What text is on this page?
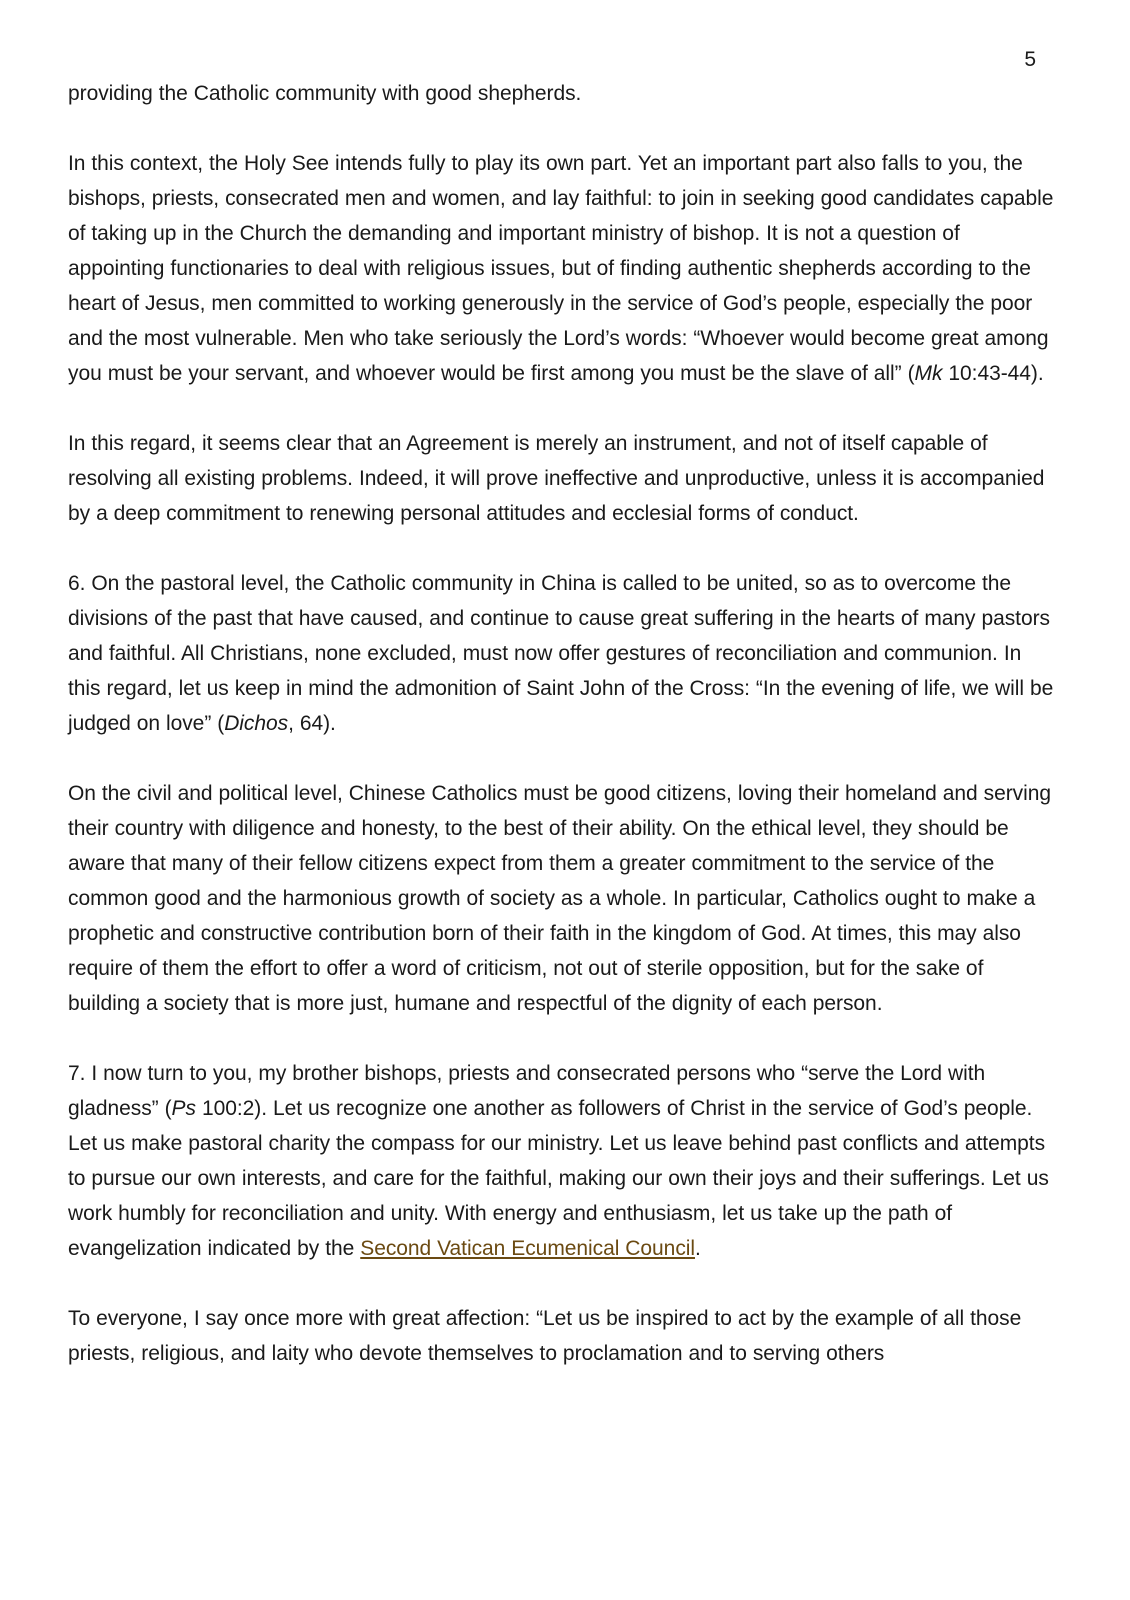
5

providing the Catholic community with good shepherds.

In this context, the Holy See intends fully to play its own part. Yet an important part also falls to you, the bishops, priests, consecrated men and women, and lay faithful: to join in seeking good candidates capable of taking up in the Church the demanding and important ministry of bishop. It is not a question of appointing functionaries to deal with religious issues, but of finding authentic shepherds according to the heart of Jesus, men committed to working generously in the service of God’s people, especially the poor and the most vulnerable. Men who take seriously the Lord’s words: “Whoever would become great among you must be your servant, and whoever would be first among you must be the slave of all” (Mk 10:43-44).

In this regard, it seems clear that an Agreement is merely an instrument, and not of itself capable of resolving all existing problems. Indeed, it will prove ineffective and unproductive, unless it is accompanied by a deep commitment to renewing personal attitudes and ecclesial forms of conduct.

6. On the pastoral level, the Catholic community in China is called to be united, so as to overcome the divisions of the past that have caused, and continue to cause great suffering in the hearts of many pastors and faithful. All Christians, none excluded, must now offer gestures of reconciliation and communion. In this regard, let us keep in mind the admonition of Saint John of the Cross: “In the evening of life, we will be judged on love” (Dichos, 64).

On the civil and political level, Chinese Catholics must be good citizens, loving their homeland and serving their country with diligence and honesty, to the best of their ability. On the ethical level, they should be aware that many of their fellow citizens expect from them a greater commitment to the service of the common good and the harmonious growth of society as a whole. In particular, Catholics ought to make a prophetic and constructive contribution born of their faith in the kingdom of God. At times, this may also require of them the effort to offer a word of criticism, not out of sterile opposition, but for the sake of building a society that is more just, humane and respectful of the dignity of each person.

7. I now turn to you, my brother bishops, priests and consecrated persons who “serve the Lord with gladness” (Ps 100:2). Let us recognize one another as followers of Christ in the service of God’s people. Let us make pastoral charity the compass for our ministry. Let us leave behind past conflicts and attempts to pursue our own interests, and care for the faithful, making our own their joys and their sufferings. Let us work humbly for reconciliation and unity. With energy and enthusiasm, let us take up the path of evangelization indicated by the Second Vatican Ecumenical Council.

To everyone, I say once more with great affection: “Let us be inspired to act by the example of all those priests, religious, and laity who devote themselves to proclamation and to serving others
